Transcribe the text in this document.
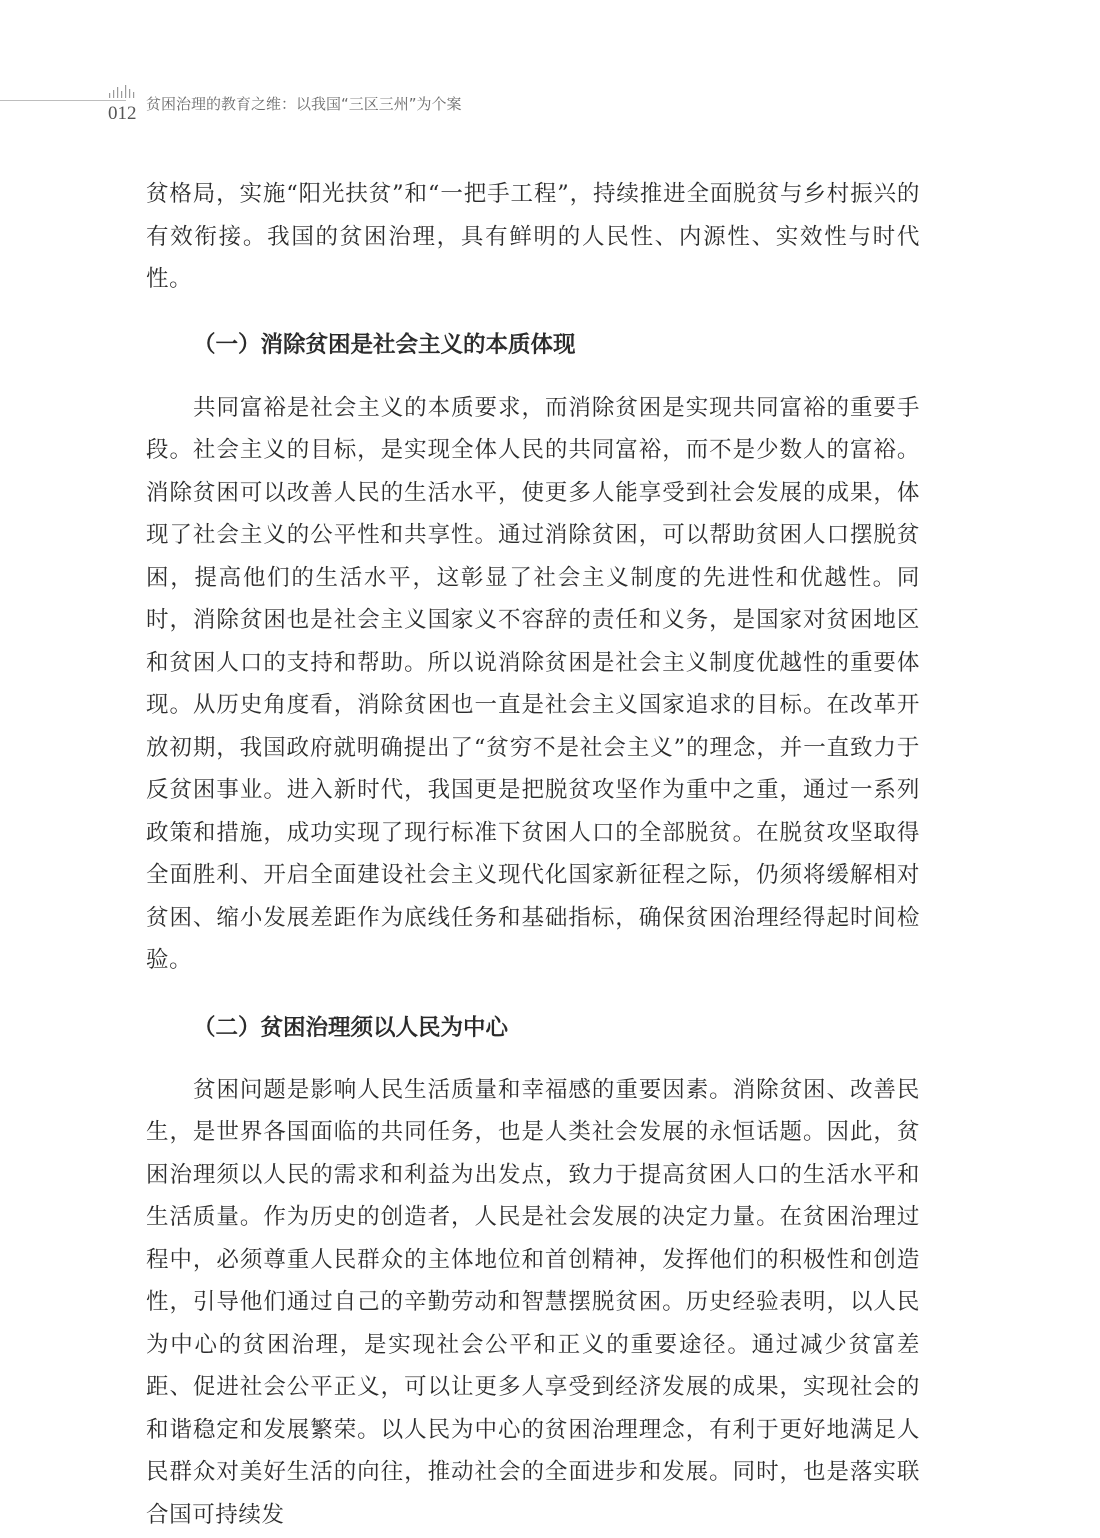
012 贫困治理的教育之维：以我国“三区三州”为个案

贫格局，实施“阳光扶贫”和“一把手工程”，持续推进全面脱贫与乡村振兴的有效衔接。我国的贫困治理，具有鲜明的人民性、内源性、实效性与时代性。

（一）消除贫困是社会主义的本质体现

共同富裕是社会主义的本质要求，而消除贫困是实现共同富裕的重要手段。社会主义的目标，是实现全体人民的共同富裕，而不是少数人的富裕。消除贫困可以改善人民的生活水平，使更多人能享受到社会发展的成果，体现了社会主义的公平性和共享性。通过消除贫困，可以帮助贫困人口摆脱贫困，提高他们的生活水平，这彰显了社会主义制度的先进性和优越性。同时，消除贫困也是社会主义国家义不容辞的责任和义务，是国家对贫困地区和贫困人口的支持和帮助。所以说消除贫困是社会主义制度优越性的重要体现。从历史角度看，消除贫困也一直是社会主义国家追求的目标。在改革开放初期，我国政府就明确提出了“贫穷不是社会主义”的理念，并一直致力于反贫困事业。进入新时代，我国更是把脱贫攻坚作为重中之重，通过一系列政策和措施，成功实现了现行标准下贫困人口的全部脱贫。在脱贫攻坚取得全面胜利、开启全面建设社会主义现代化国家新征程之际，仍须将缓解相对贫困、缩小发展差距作为底线任务和基础指标，确保贫困治理经得起时间检验。

（二）贫困治理须以人民为中心

贫困问题是影响人民生活质量和幸福感的重要因素。消除贫困、改善民生，是世界各国面临的共同任务，也是人类社会发展的永恒话题。因此，贫困治理须以人民的需求和利益为出发点，致力于提高贫困人口的生活水平和生活质量。作为历史的创造者，人民是社会发展的决定力量。在贫困治理过程中，必须尊重人民群众的主体地位和首创精神，发挥他们的积极性和创造性，引导他们通过自己的辛勤劳动和智慧摆脱贫困。历史经验表明，以人民为中心的贫困治理，是实现社会公平和正义的重要途径。通过减少贫富差距、促进社会公平正义，可以让更多人享受到经济发展的成果，实现社会的和谐稳定和发展繁荣。以人民为中心的贫困治理理念，有利于更好地满足人民群众对美好生活的向往，推动社会的全面进步和发展。同时，也是落实联合国可持续发
